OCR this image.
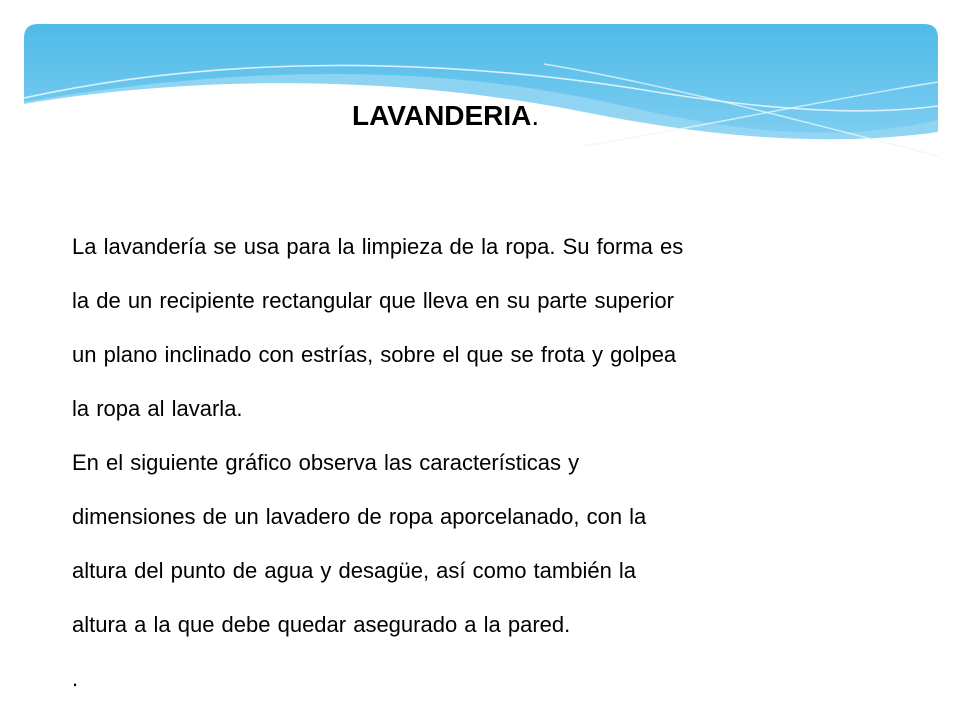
LAVANDERIA.
La lavandería se usa para la limpieza de la ropa. Su forma es
la de un recipiente rectangular que lleva en su parte superior
un plano inclinado con estrías, sobre el que se frota y golpea
la ropa al lavarla.
En el siguiente gráfico observa las características y
dimensiones de un lavadero de ropa aporcelanado, con la
altura del punto de agua y desagüe, así como también la
altura a la que debe quedar asegurado a la pared.
.
